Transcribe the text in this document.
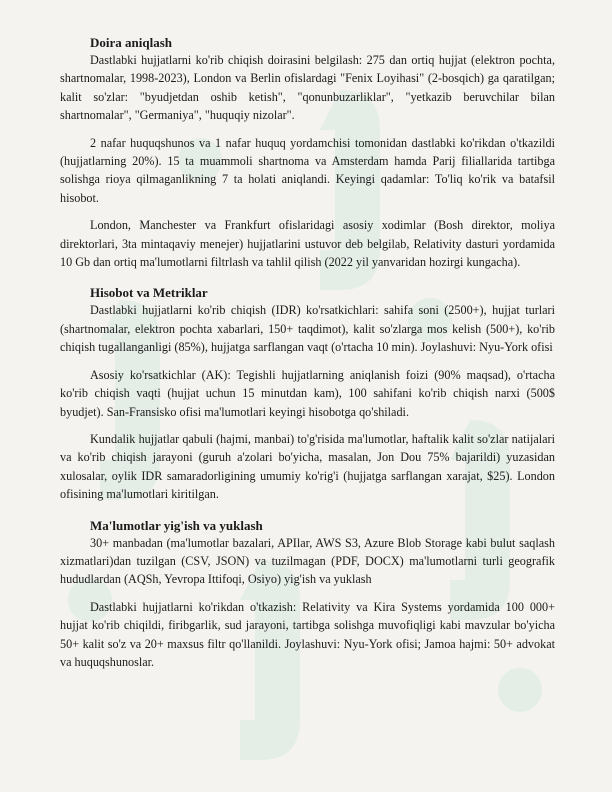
Doira aniqlash

Dastlabki hujjatlarni ko'rib chiqish doirasini belgilash: 275 dan ortiq hujjat (elektron pochta, shartnomalar, 1998-2023), London va Berlin ofislardagi "Fenix Loyihasi" (2-bosqich) ga qaratilgan; kalit so'zlar: "byudjetdan oshib ketish", "qonunbuzarliklar", "yetkazib beruvchilar bilan shartnomalar", "Germaniya", "huquqiy nizolar".

2 nafar huquqshunos va 1 nafar huquq yordamchisi tomonidan dastlabki ko'rikdan o'tkazildi (hujjatlarning 20%). 15 ta muammoli shartnoma va Amsterdam hamda Parij filiallarida tartibga solishga rioya qilmaganlikning 7 ta holati aniqlandi. Keyingi qadamlar: To'liq ko'rik va batafsil hisobot.

London, Manchester va Frankfurt ofislaridagi asosiy xodimlar (Bosh direktor, moliya direktorlari, 3ta mintaqaviy menejer) hujjatlarini ustuvor deb belgilab, Relativity dasturi yordamida 10 Gb dan ortiq ma'lumotlarni filtrlash va tahlil qilish (2022 yil yanvaridan hozirgi kungacha).

Hisobot va Metriklar

Dastlabki hujjatlarni ko'rib chiqish (IDR) ko'rsatkichlari: sahifa soni (2500+), hujjat turlari (shartnomalar, elektron pochta xabarlari, 150+ taqdimot), kalit so'zlarga mos kelish (500+), ko'rib chiqish tugallanganligi (85%), hujjatga sarflangan vaqt (o'rtacha 10 min). Joylashuvi: Nyu-York ofisi

Asosiy ko'rsatkichlar (AK): Tegishli hujjatlarning aniqlanish foizi (90% maqsad), o'rtacha ko'rib chiqish vaqti (hujjat uchun 15 minutdan kam), 100 sahifani ko'rib chiqish narxi (500$ byudjet). San-Fransisko ofisi ma'lumotlari keyingi hisobotga qo'shiladi.

Kundalik hujjatlar qabuli (hajmi, manbai) to'g'risida ma'lumotlar, haftalik kalit so'zlar natijalari va ko'rib chiqish jarayoni (guruh a'zolari bo'yicha, masalan, Jon Dou 75% bajarildi) yuzasidan xulosalar, oylik IDR samaradorligining umumiy ko'rig'i (hujjatga sarflangan xarajat, $25). London ofisining ma'lumotlari kiritilgan.

Ma'lumotlar yig'ish va yuklash

30+ manbadan (ma'lumotlar bazalari, APIlar, AWS S3, Azure Blob Storage kabi bulut saqlash xizmatlari)dan tuzilgan (CSV, JSON) va tuzilmagan (PDF, DOCX) ma'lumotlarni turli geografik hududlardan (AQSh, Yevropa Ittifoqi, Osiyo) yig'ish va yuklash

Dastlabki hujjatlarni ko'rikdan o'tkazish: Relativity va Kira Systems yordamida 100 000+ hujjat ko'rib chiqildi, firibgarlik, sud jarayoni, tartibga solishga muvofiqligi kabi mavzular bo'yicha 50+ kalit so'z va 20+ maxsus filtr qo'llanildi. Joylashuvi: Nyu-York ofisi; Jamoa hajmi: 50+ advokat va huquqshunoslar.
